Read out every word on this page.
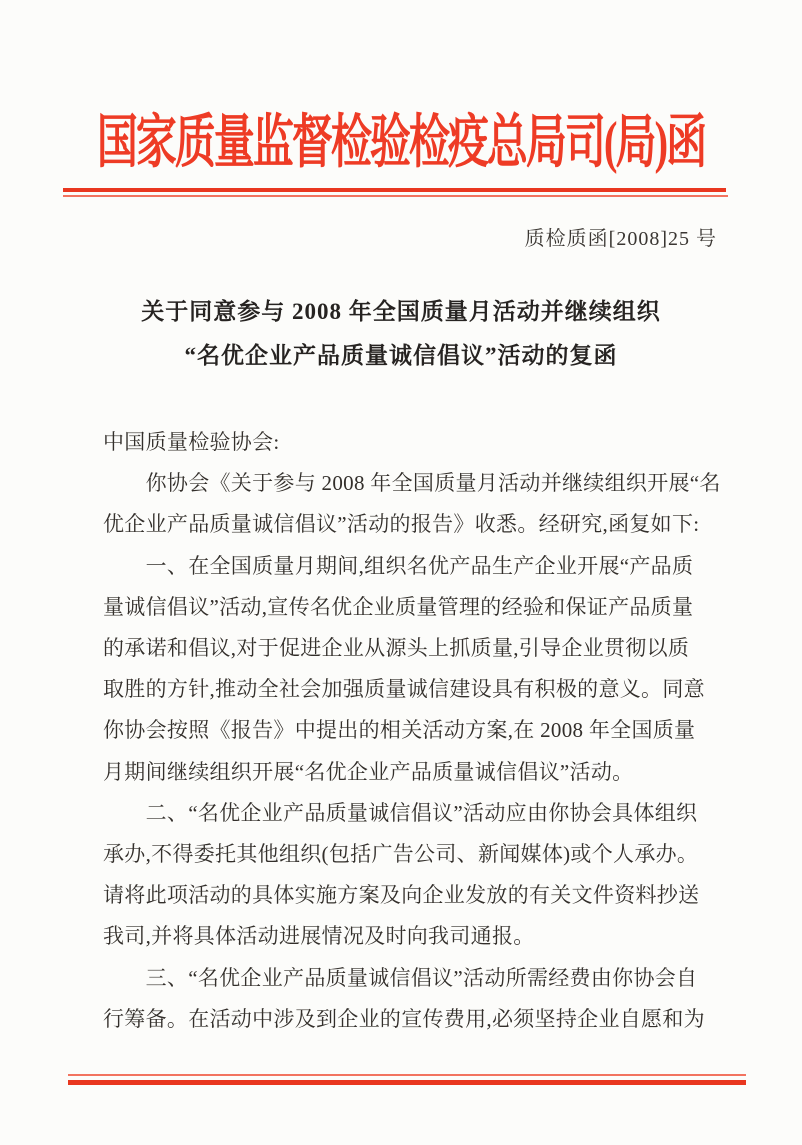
国家质量监督检验检疫总局司(局)函
质检质函[2008]25 号
关于同意参与 2008 年全国质量月活动并继续组织
“名优企业产品质量诚信倡议”活动的复函
中国质量检验协会:
　　你协会《关于参与 2008 年全国质量月活动并继续组织开展“名
优企业产品质量诚信倡议”活动的报告》收悉。经研究,函复如下:
　　一、在全国质量月期间,组织名优产品生产企业开展“产品质
量诚信倡议”活动,宣传名优企业质量管理的经验和保证产品质量
的承诺和倡议,对于促进企业从源头上抓质量,引导企业贯彻以质
取胜的方针,推动全社会加强质量诚信建设具有积极的意义。同意
你协会按照《报告》中提出的相关活动方案,在 2008 年全国质量
月期间继续组织开展“名优企业产品质量诚信倡议”活动。
　　二、“名优企业产品质量诚信倡议”活动应由你协会具体组织
承办,不得委托其他组织(包括广告公司、新闻媒体)或个人承办。
请将此项活动的具体实施方案及向企业发放的有关文件资料抄送
我司,并将具体活动进展情况及时向我司通报。
　　三、“名优企业产品质量诚信倡议”活动所需经费由你协会自
行筹备。在活动中涉及到企业的宣传费用,必须坚持企业自愿和为
